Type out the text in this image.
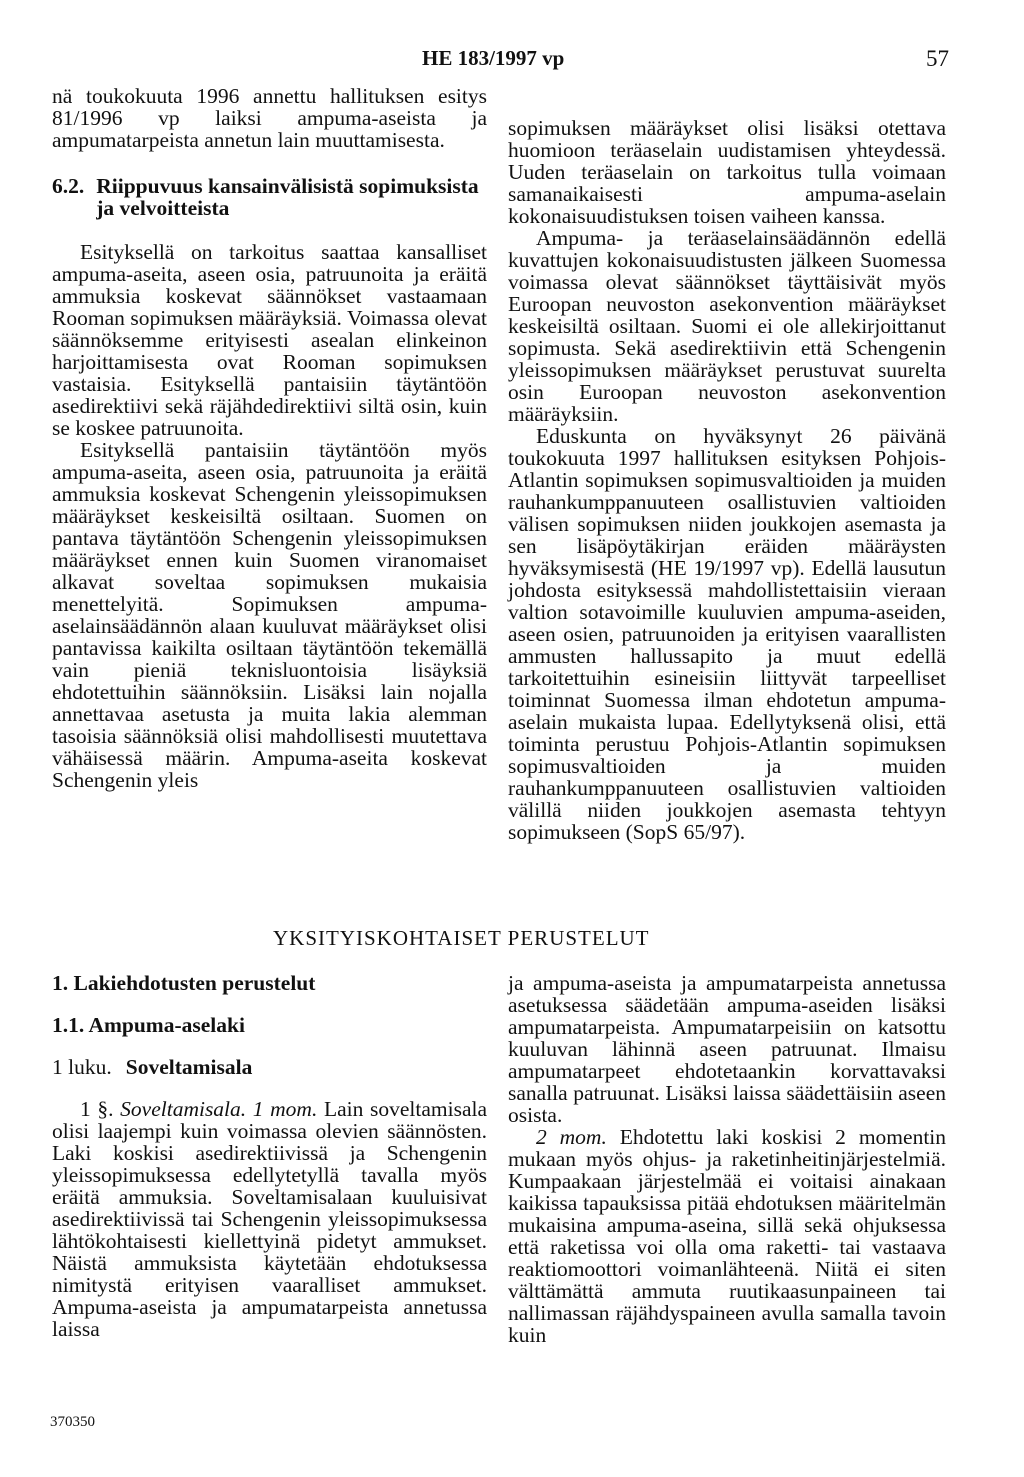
HE 183/1997 vp	57

nä toukokuuta 1996 annettu hallituksen esitys 81/1996 vp laiksi ampuma-aseista ja ampumatarpeista annetun lain muuttamisesta.

6.2. Riippuvuus kansainvälisistä sopimuksista ja velvoitteista

Esityksellä on tarkoitus saattaa kansalliset ampuma-aseita, aseen osia, patruunoita ja eräitä ammuksia koskevat säännökset vastaamaan Rooman sopimuksen määräyksiä. Voimassa olevat säännöksemme erityisesti asealan elinkeinon harjoittamisesta ovat Rooman sopimuksen vastaisia. Esityksellä pantaisiin täytäntöön asedirektiivi sekä räjähdedirektiivi siltä osin, kuin se koskee patruunoita.

Esityksellä pantaisiin täytäntöön myös ampuma-aseita, aseen osia, patruunoita ja eräitä ammuksia koskevat Schengenin yleissopimuksen määräykset keskeisiltä osiltaan. Suomen on pantava täytäntöön Schengenin yleissopimuksen määräykset ennen kuin Suomen viranomaiset alkavat soveltaa sopimuksen mukaisia menettelyitä. Sopimuksen ampuma-aselainsäädännön alaan kuuluvat määräykset olisi pantavissa kaikilta osiltaan täytäntöön tekemällä vain pieniä teknisluontoisia lisäyksiä ehdotettuihin säännöksiin. Lisäksi lain nojalla annettavaa asetusta ja muita lakia alemman tasoisia säännöksiä olisi mahdollisesti muutettava vähäisessä määrin. Ampuma-aseita koskevat Schengenin yleis

sopimuksen määräykset olisi lisäksi otettava huomioon teräaselain uudistamisen yhteydessä. Uuden teräaselain on tarkoitus tulla voimaan samanaikaisesti ampuma-aselain kokonaisuudistuksen toisen vaiheen kanssa.

Ampuma- ja teräaselainsäädännön edellä kuvattujen kokonaisuudistusten jälkeen Suomessa voimassa olevat säännökset täyttäisivät myös Euroopan neuvoston asekonvention määräykset keskeisiltä osiltaan. Suomi ei ole allekirjoittanut sopimusta. Sekä asedirektiivin että Schengenin yleissopimuksen määräykset perustuvat suurelta osin Euroopan neuvoston asekonvention määräyksiin.

Eduskunta on hyväksynyt 26 päivänä toukokuuta 1997 hallituksen esityksen Pohjois-Atlantin sopimuksen sopimusvaltioiden ja muiden rauhankumppanuuteen osallistuvien valtioiden välisen sopimuksen niiden joukkojen asemasta ja sen lisäpöytäkirjan eräiden määräysten hyväksymisestä (HE 19/1997 vp). Edellä lausutun johdosta esityksessä mahdollistettaisiin vieraan valtion sotavoimille kuuluvien ampuma-aseiden, aseen osien, patruunoiden ja erityisen vaarallisten ammusten hallussapito ja muut edellä tarkoitettuihin esineisiin liittyvät tarpeelliset toiminnat Suomessa ilman ehdotetun ampuma-aselain mukaista lupaa. Edellytyksenä olisi, että toiminta perustuu Pohjois-Atlantin sopimuksen sopimusvaltioiden ja muiden rauhankumppanuuteen osallistuvien valtioiden välillä niiden joukkojen asemasta tehtyyn sopimukseen (SopS 65/97).

YKSITYISKOHTAISET PERUSTELUT

1. Lakiehdotusten perustelut

1.1. Ampuma-aselaki

1 luku. Soveltamisala

1 §. Soveltamisala. 1 mom. Lain soveltamisala olisi laajempi kuin voimassa olevien säännösten. Laki koskisi asedirektiivissä ja Schengenin yleissopimuksessa edellytetyllä tavalla myös eräitä ammuksia. Soveltamisalaan kuuluisivat asedirektiivissä tai Schengenin yleissopimuksessa lähtökohtaisesti kiellettyinä pidetyt ammukset. Näistä ammuksista käytetään ehdotuksessa nimitystä erityisen vaaralliset ammukset. Ampuma-aseista ja ampumatarpeista annetussa laissa

ja ampuma-aseista ja ampumatarpeista annetussa asetuksessa säädetään ampuma-aseiden lisäksi ampumatarpeista. Ampumatarpeisiin on katsottu kuuluvan lähinnä aseen patruunat. Ilmaisu ampumatarpeet ehdotetaankin korvattavaksi sanalla patruunat. Lisäksi laissa säädettäisiin aseen osista.

2 mom. Ehdotettu laki koskisi 2 momentin mukaan myös ohjus- ja raketinheitinjärjestelmiä. Kumpaakaan järjestelmää ei voitaisi ainakaan kaikissa tapauksissa pitää ehdotuksen määritelmän mukaisina ampuma-aseina, sillä sekä ohjuksessa että raketissa voi olla oma raketti- tai vastaava reaktiomoottori voimanlähteenä. Niitä ei siten välttämättä ammuta ruutikaasunpaineen tai nallimassan räjähdyspaineen avulla samalla tavoin kuin

370350
